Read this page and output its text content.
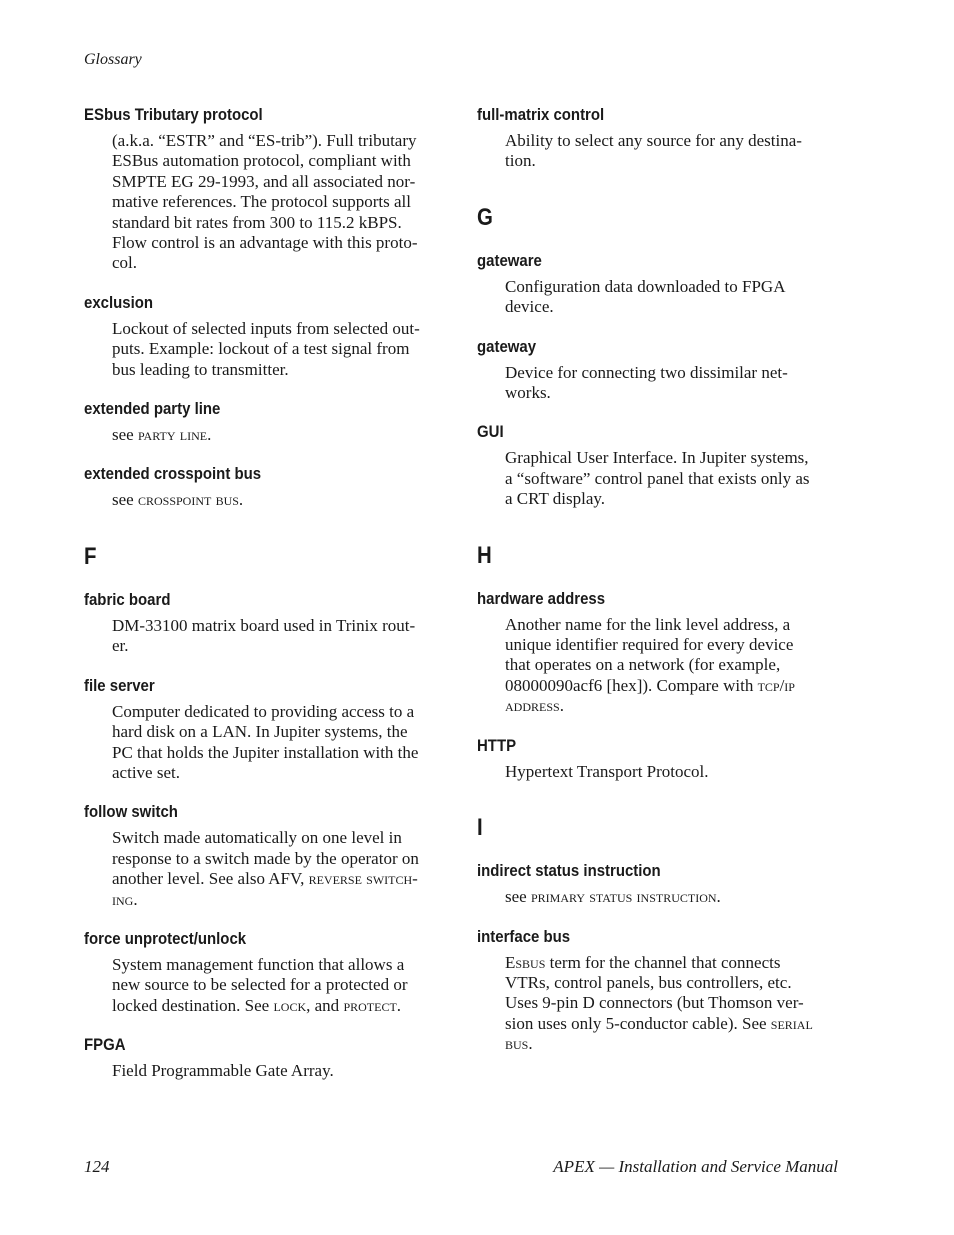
Glossary
ESbus Tributary protocol
(a.k.a. “ESTR” and “ES-trib”). Full tributary
ESBus automation protocol, compliant with
SMPTE EG 29-1993, and all associated nor-
mative references. The protocol supports all
standard bit rates from 300 to 115.2 kBPS.
Flow control is an advantage with this proto-
col.
exclusion
Lockout of selected inputs from selected out-
puts. Example: lockout of a test signal from
bus leading to transmitter.
extended party line
see party line.
extended crosspoint bus
see crosspoint bus.
F
fabric board
DM-33100 matrix board used in Trinix rout-
er.
file server
Computer dedicated to providing access to a
hard disk on a LAN. In Jupiter systems, the
PC that holds the Jupiter installation with the
active set.
follow switch
Switch made automatically on one level in
response to a switch made by the operator on
another level. See also AFV, reverse switch-
ing.
force unprotect/unlock
System management function that allows a
new source to be selected for a protected or
locked destination. See lock, and protect.
FPGA
Field Programmable Gate Array.
full-matrix control
Ability to select any source for any destina-
tion.
G
gateware
Configuration data downloaded to FPGA
device.
gateway
Device for connecting two dissimilar net-
works.
GUI
Graphical User Interface. In Jupiter systems,
a “software” control panel that exists only as
a CRT display.
H
hardware address
Another name for the link level address, a
unique identifier required for every device
that operates on a network (for example,
08000090acf6 [hex]). Compare with tcp/ip
address.
HTTP
Hypertext Transport Protocol.
I
indirect status instruction
see primary status instruction.
interface bus
Esbus term for the channel that connects
VTRs, control panels, bus controllers, etc.
Uses 9-pin D connectors (but Thomson ver-
sion uses only 5-conductor cable). See serial
bus.
124	APEX — Installation and Service Manual
